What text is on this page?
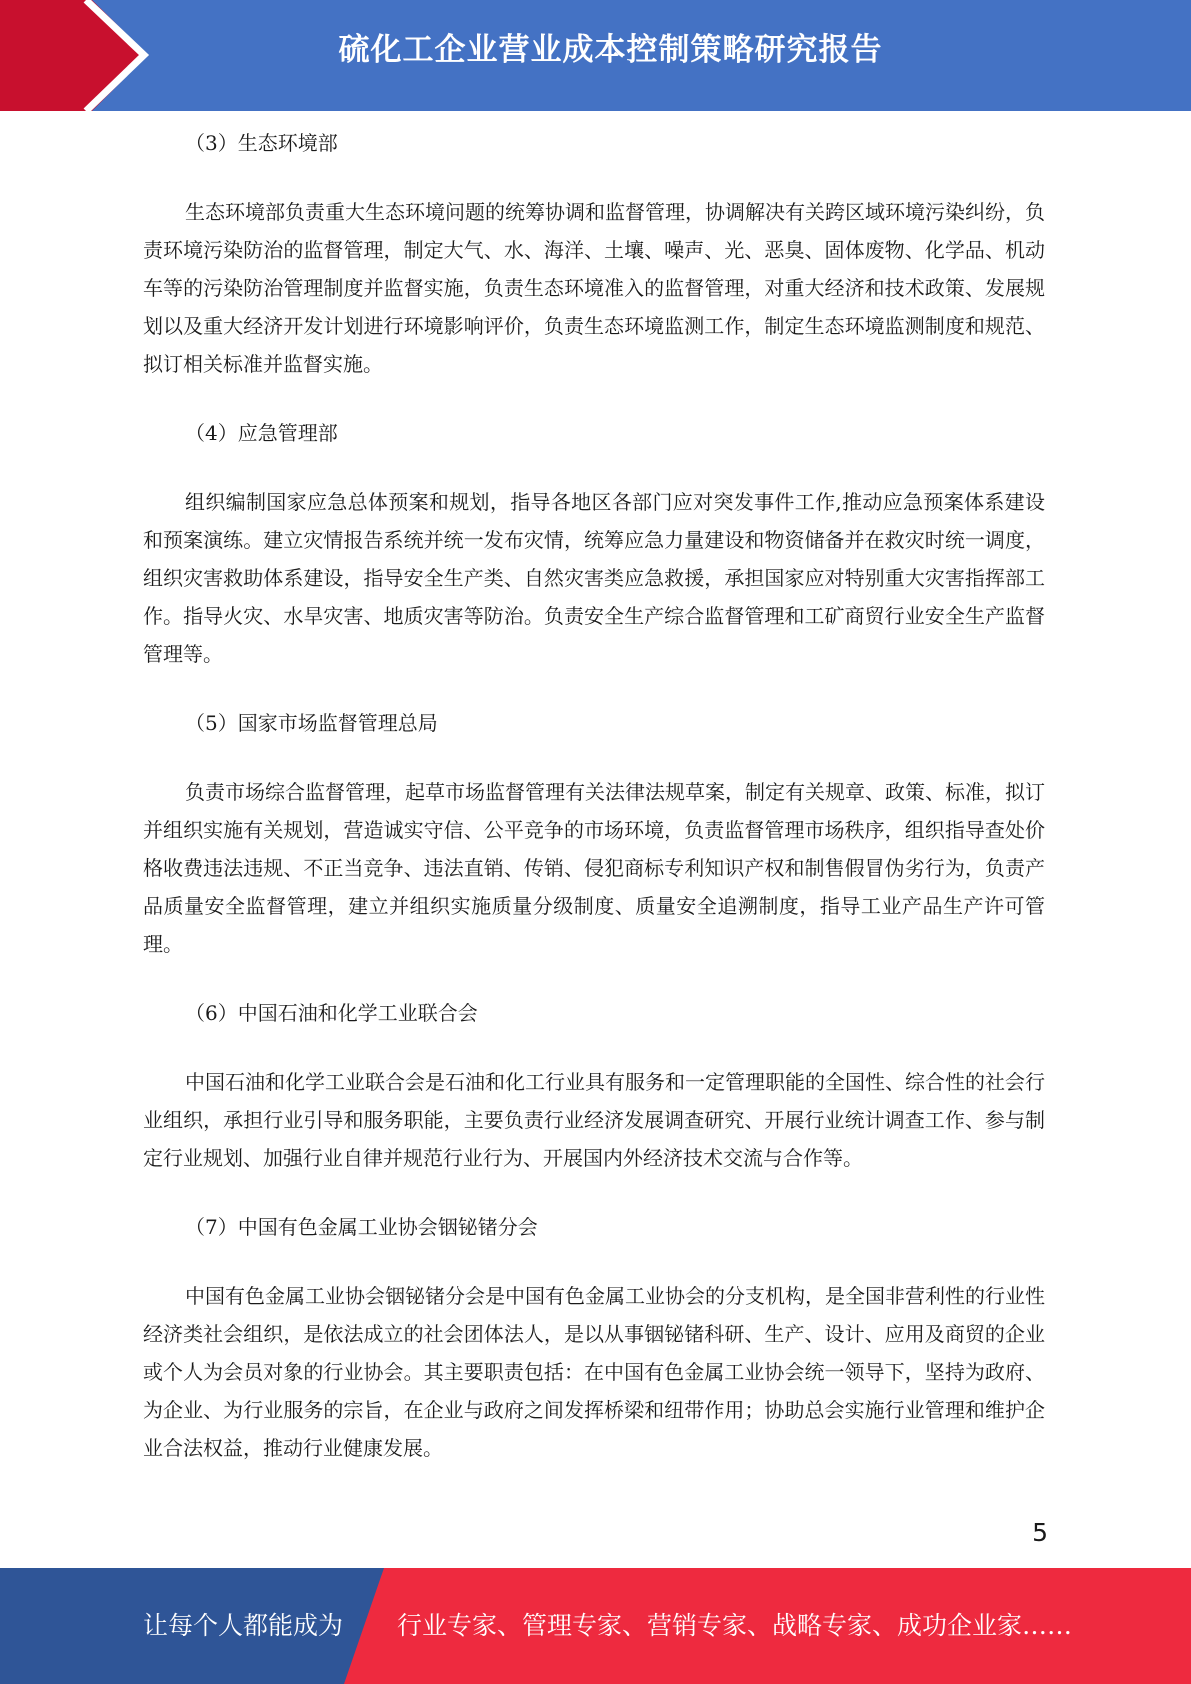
硫化工企业营业成本控制策略研究报告

（3）生态环境部

生态环境部负责重大生态环境问题的统筹协调和监督管理，协调解决有关跨区域环境污染纠纷，负责环境污染防治的监督管理，制定大气、水、海洋、土壤、噪声、光、恶臭、固体废物、化学品、机动车等的污染防治管理制度并监督实施，负责生态环境准入的监督管理，对重大经济和技术政策、发展规划以及重大经济开发计划进行环境影响评价，负责生态环境监测工作，制定生态环境监测制度和规范、拟订相关标准并监督实施。

（4）应急管理部

组织编制国家应急总体预案和规划，指导各地区各部门应对突发事件工作,推动应急预案体系建设和预案演练。建立灾情报告系统并统一发布灾情，统筹应急力量建设和物资储备并在救灾时统一调度，组织灾害救助体系建设，指导安全生产类、自然灾害类应急救援，承担国家应对特别重大灾害指挥部工作。指导火灾、水旱灾害、地质灾害等防治。负责安全生产综合监督管理和工矿商贸行业安全生产监督管理等。

（5）国家市场监督管理总局

负责市场综合监督管理，起草市场监督管理有关法律法规草案，制定有关规章、政策、标准，拟订并组织实施有关规划，营造诚实守信、公平竞争的市场环境，负责监督管理市场秩序，组织指导查处价格收费违法违规、不正当竞争、违法直销、传销、侵犯商标专利知识产权和制售假冒伪劣行为，负责产品质量安全监督管理，建立并组织实施质量分级制度、质量安全追溯制度，指导工业产品生产许可管理。

（6）中国石油和化学工业联合会

中国石油和化学工业联合会是石油和化工行业具有服务和一定管理职能的全国性、综合性的社会行业组织，承担行业引导和服务职能，主要负责行业经济发展调查研究、开展行业统计调查工作、参与制定行业规划、加强行业自律并规范行业行为、开展国内外经济技术交流与合作等。

（7）中国有色金属工业协会铟铋锗分会

中国有色金属工业协会铟铋锗分会是中国有色金属工业协会的分支机构，是全国非营利性的行业性经济类社会组织，是依法成立的社会团体法人，是以从事铟铋锗科研、生产、设计、应用及商贸的企业或个人为会员对象的行业协会。其主要职责包括：在中国有色金属工业协会统一领导下，坚持为政府、为企业、为行业服务的宗旨，在企业与政府之间发挥桥梁和纽带作用；协助总会实施行业管理和维护企业合法权益，推动行业健康发展。

5
让每个人都能成为 行业专家、管理专家、营销专家、战略专家、成功企业家……
